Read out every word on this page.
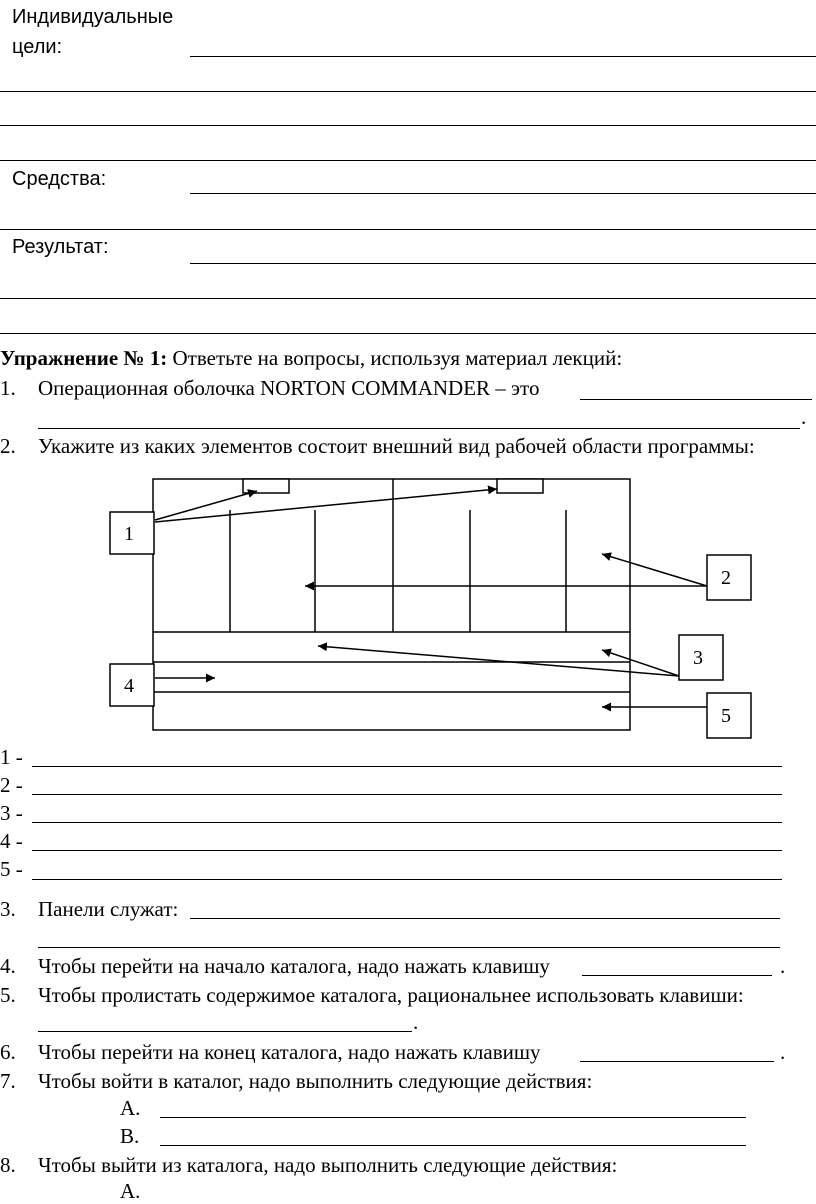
Индивидуальные
цели:
Средства:
Результат:
Упражнение № 1: Ответьте на вопросы, используя материал лекций:
1.	Операционная оболочка NORTON COMMANDER – это
.
2.	Укажите из каких элементов состоит внешний вид рабочей области программы:
1
2
3
4
5
1 -
2 -
3 -
4 -
5 -
3.	Панели служат:
4.	Чтобы перейти на начало каталога, надо нажать клавишу	.
5.	Чтобы пролистать содержимое каталога, рациональнее использовать клавиши:
.
6.	Чтобы перейти на конец каталога, надо нажать клавишу	.
7.	Чтобы войти в каталог, надо выполнить следующие действия:
A.
B.
8.	Чтобы выйти из каталога, надо выполнить следующие действия:
A.
